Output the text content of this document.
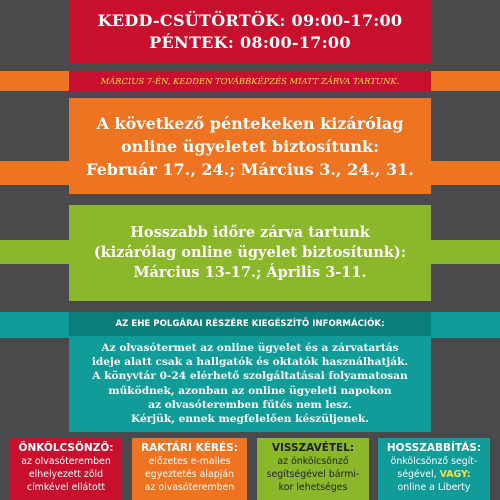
KEDD-CSÜTÖRTÖK: 09:00-17:00
PÉNTEK: 08:00-17:00
MÁRCIUS 7-ÉN, KEDDEN TOVÁBBKÉPZÉS MIATT ZÁRVA TARTUNK.
A következő péntekeken kizárólag
online ügyeletet biztosítunk:
Február 17., 24.; Március 3., 24., 31.
Hosszabb időre zárva tartunk
(kizárólag online ügyelet biztosítunk):
Március 13-17.; Április 3-11.
AZ EHE POLGÁRAI RÉSZÉRE KIEGÉSZÍTŐ INFORMÁCIÓK:
Az olvasótermet az online ügyelet és a zárvatartás
ideje alatt csak a hallgatók és oktatók használhatják.
A könyvtár 0-24 elérhető szolgáltatásai folyamatosan
működnek, azonban az online ügyeleti napokon
az olvasóteremben fűtés nem lesz.
Kérjük, ennek megfelelően készüljenek.
ÖNKÖLCSÖNZŐ:
az olvasóteremben
elhelyezett zöld
címkével ellátott
RAKTÁRI KÉRÉS:
előzetes e-mailes
egyeztetés alapján
az olvasóteremben
VISSZAVÉTEL:
az önkölcsönző
segítségével bármi-
kor lehetséges
HOSSZABBÍTÁS:
önkölcsönző segít-
ségével, VAGY:
online a Liberty
